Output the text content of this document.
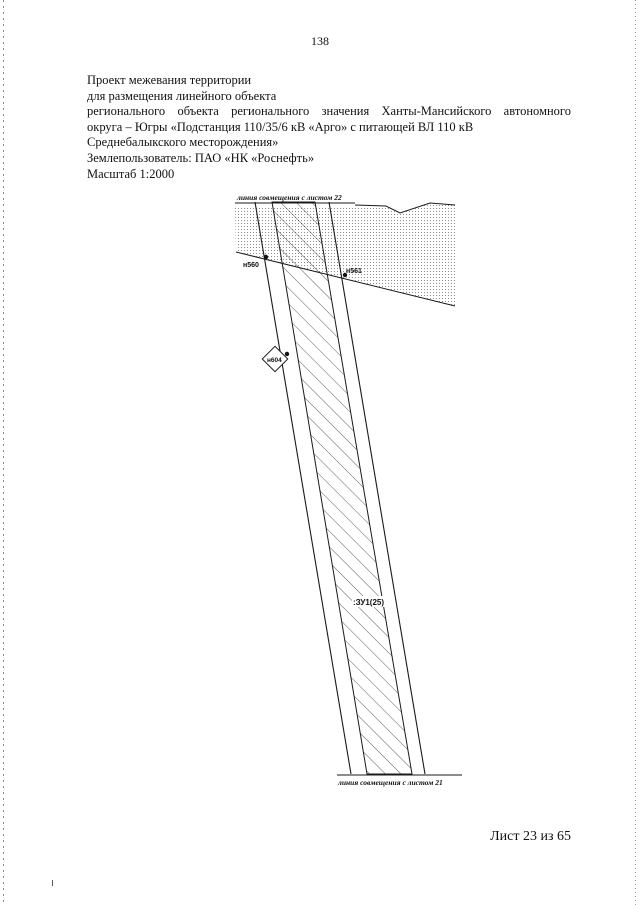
138
Проект межевания территории
для размещения линейного объекта
регионального объекта регионального значения Ханты-Мансийского автономного
округа – Югры «Подстанция 110/35/6 кВ «Арго» с питающей ВЛ 110 кВ
Среднебалыкского месторождения»
Землепользователь: ПАО «НК «Роснефть»
Масштаб 1:2000
линия совмещения с листом 22
линия совмещения с листом 21
н560
н561
н604
:ЗУ1(25)
Лист 23 из 65
